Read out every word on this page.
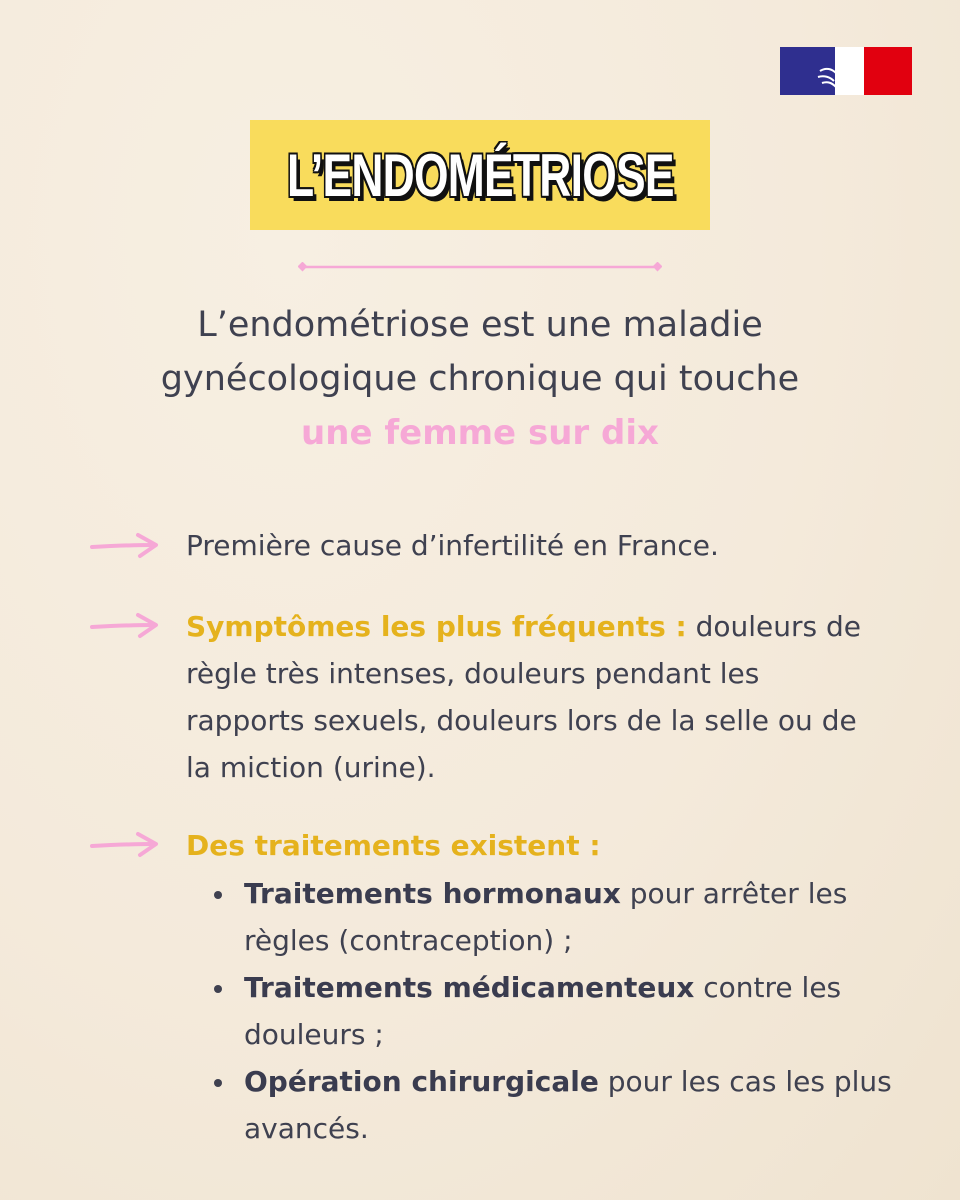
L’ENDOMÉTRIOSE
L’endométriose est une maladie
gynécologique chronique qui touche
une femme sur dix
Première cause d’infertilité en France.
Symptômes les plus fréquents : douleurs de règle très intenses, douleurs pendant les rapports sexuels, douleurs lors de la selle ou de la miction (urine).
Des traitements existent :
Traitements hormonaux pour arrêter les règles (contraception) ;
Traitements médicamenteux contre les douleurs ;
Opération chirurgicale pour les cas les plus avancés.
